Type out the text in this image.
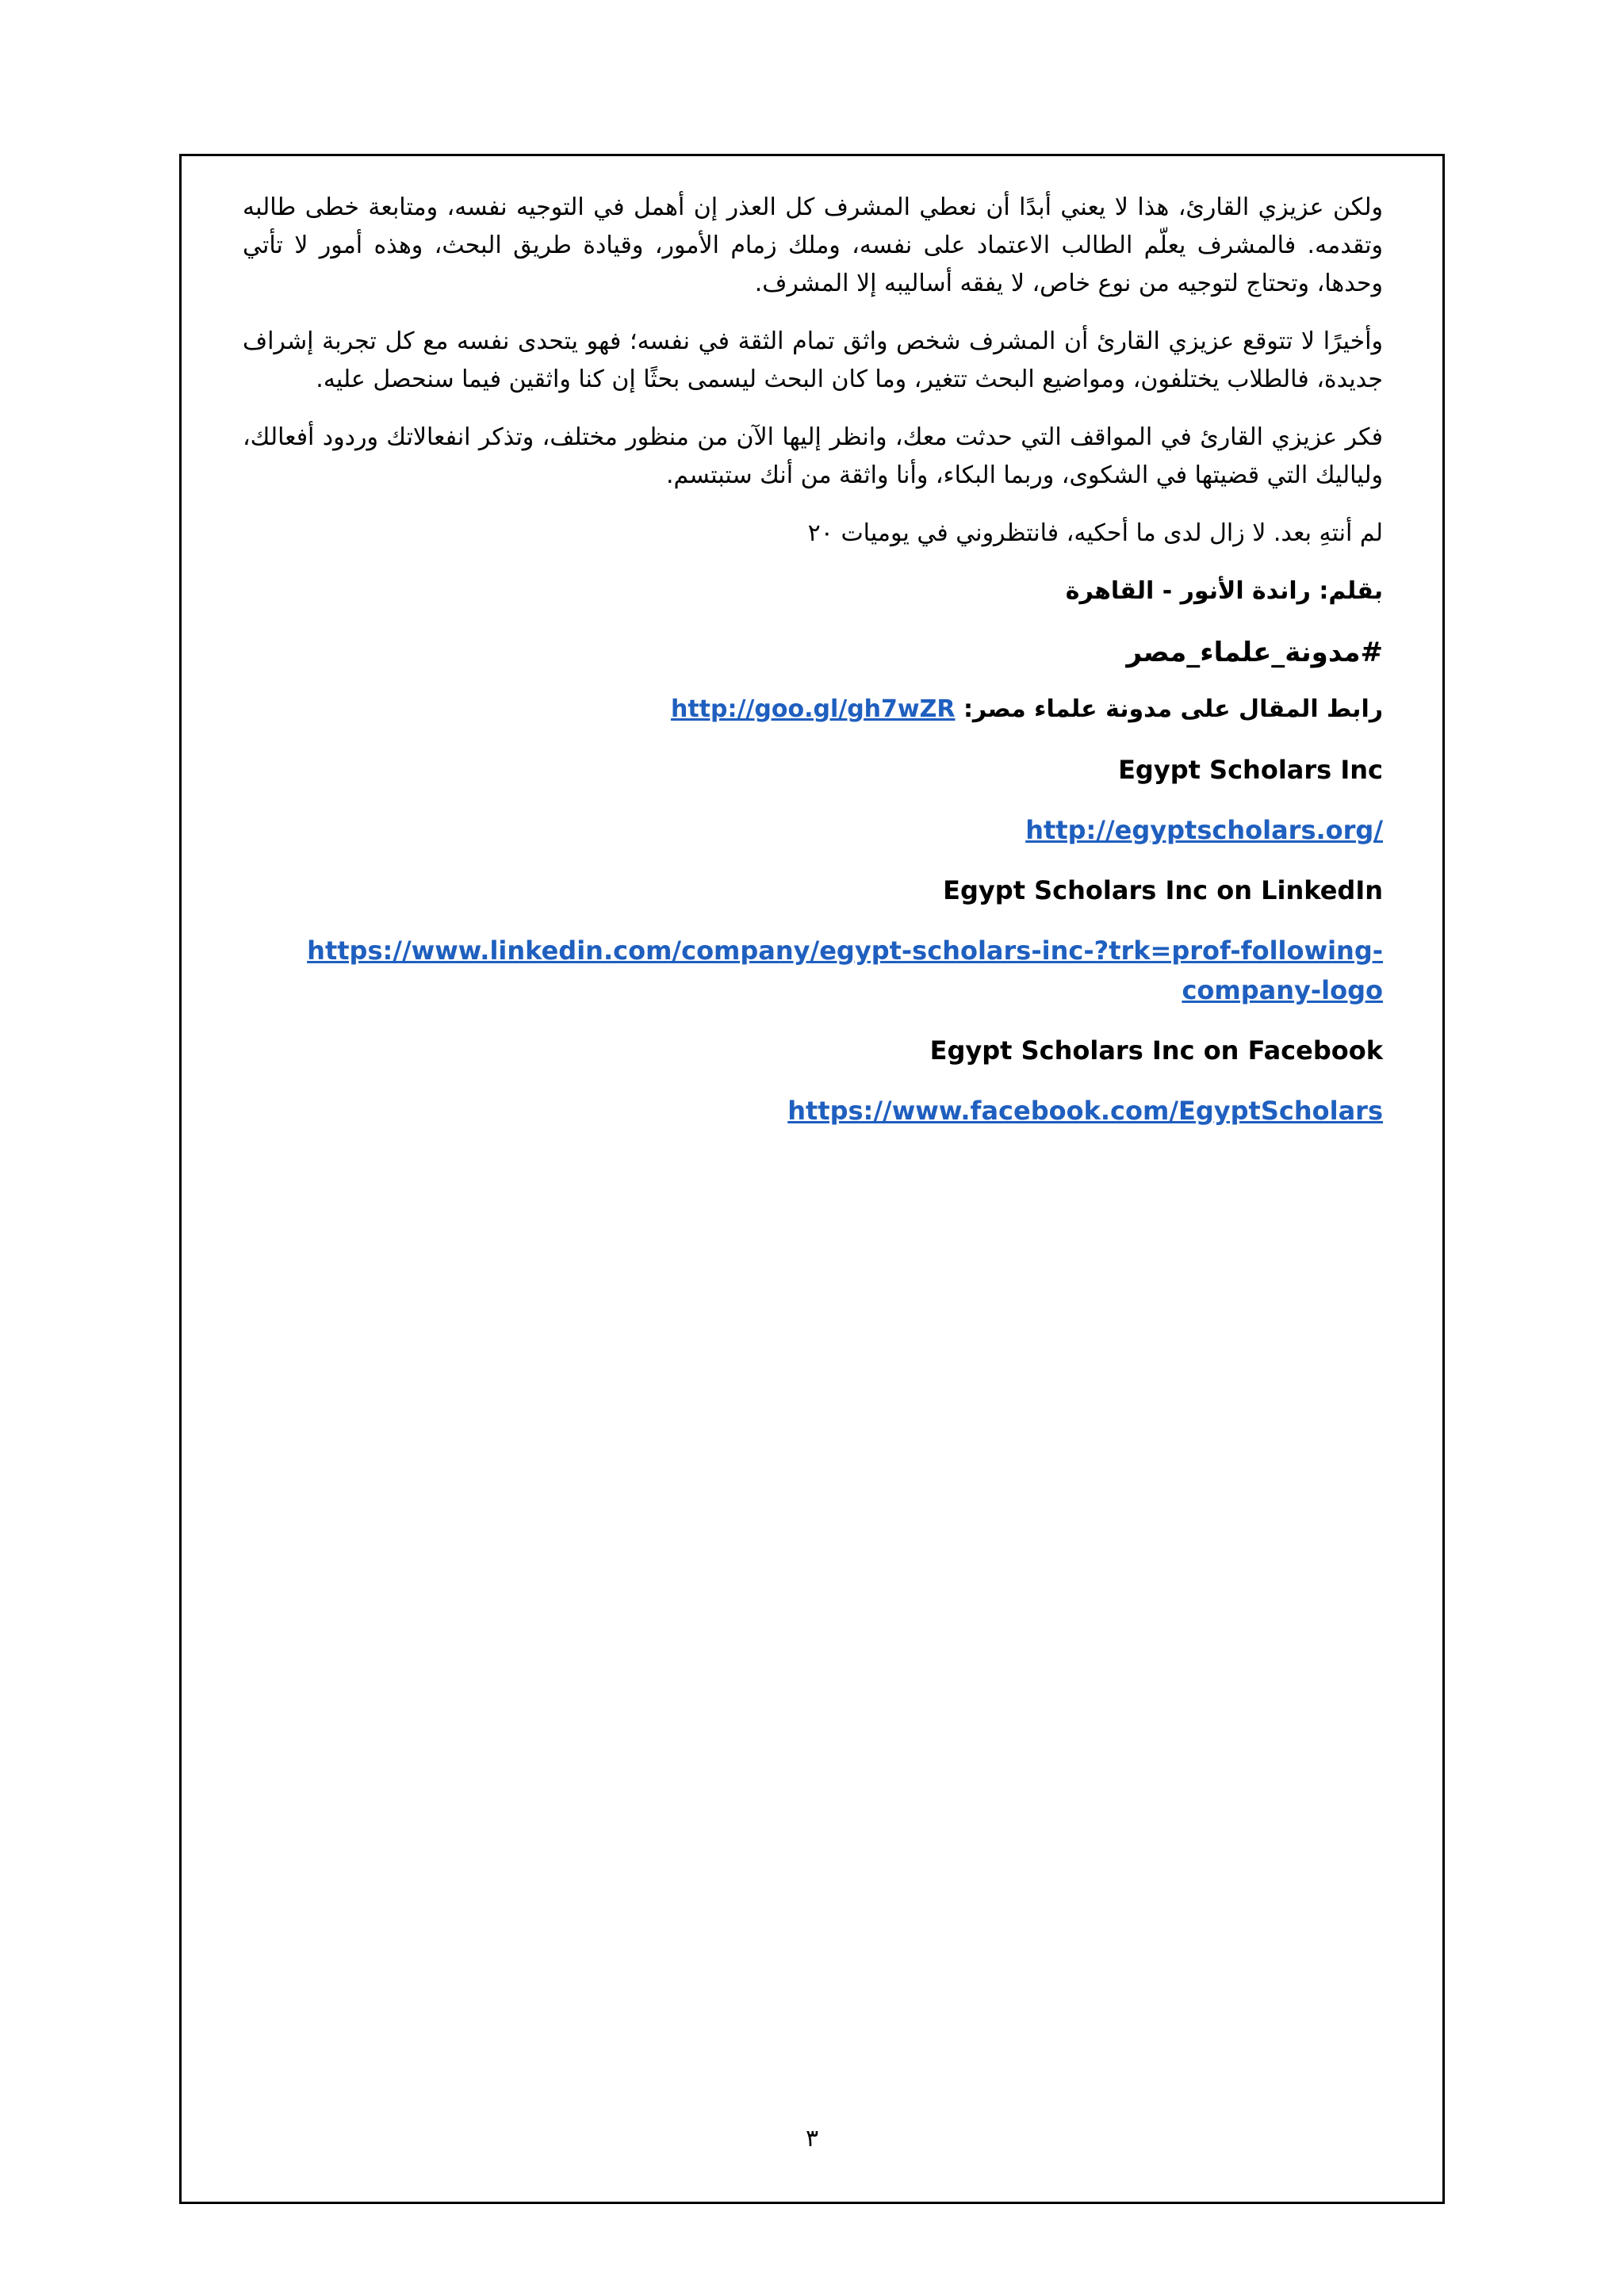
ولكن عزيزي القارئ، هذا لا يعني أبدًا أن نعطي المشرف كل العذر إن أهمل في التوجيه نفسه، ومتابعة خطى طالبه وتقدمه. فالمشرف يعلّم الطالب الاعتماد على نفسه، وملك زمام الأمور، وقيادة طريق البحث، وهذه أمور لا تأتي وحدها، وتحتاج لتوجيه من نوع خاص، لا يفقه أساليبه إلا المشرف.

وأخيرًا لا تتوقع عزيزي القارئ أن المشرف شخص واثق تمام الثقة في نفسه؛ فهو يتحدى نفسه مع كل تجربة إشراف جديدة، فالطلاب يختلفون، ومواضيع البحث تتغير، وما كان البحث ليسمى بحثًا إن كنا واثقين فيما سنحصل عليه.

فكر عزيزي القارئ في المواقف التي حدثت معك، وانظر إليها الآن من منظور مختلف، وتذكر انفعالاتك وردود أفعالك، ولياليك التي قضيتها في الشكوى، وربما البكاء، وأنا واثقة من أنك ستبتسم.

لم أنتهِ بعد. لا زال لدى ما أحكيه، فانتظروني في يوميات ٢٠

بقلم: راندة الأنور - القاهرة

#مدونة_علماء_مصر

رابط المقال على مدونة علماء مصر: http://goo.gl/gh7wZR

Egypt Scholars Inc

http://egyptscholars.org/

Egypt Scholars Inc on LinkedIn

https://www.linkedin.com/company/egypt-scholars-inc-?trk=prof-following-company-logo

Egypt Scholars Inc on Facebook

https://www.facebook.com/EgyptScholars

٣
